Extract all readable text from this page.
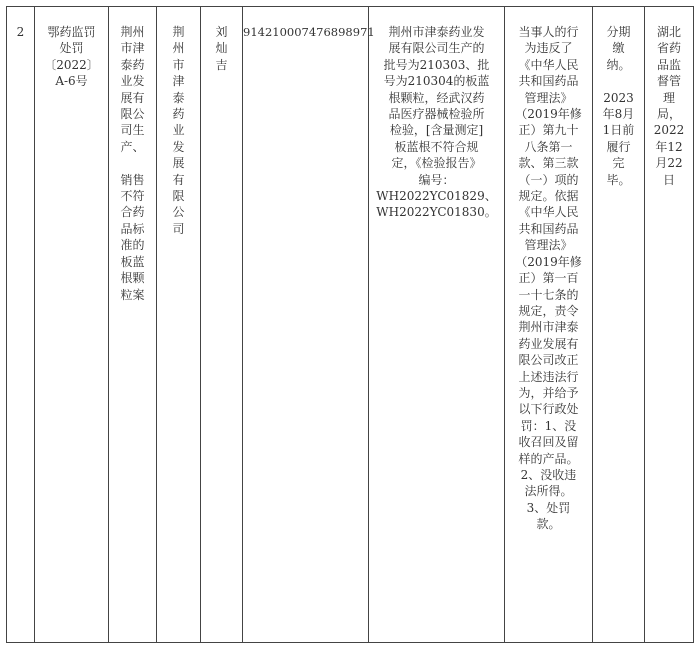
2	鄂药监罚
处罚
〔2022〕
A-6号
荆州
市津
泰药
业发
展有
限公
司生
产、

销售
不符
合药
品标
准的
板蓝
根颗
粒案
荆
州
市
津
泰
药
业
发
展
有
限
公
司
刘
灿
吉
914210007476898971	荆州市津泰药业发
展有限公司生产的
批号为210303、批
号为210304的板蓝
根颗粒，经武汉药
品医疗器械检验所
检验，[含量测定]
板蓝根不符合规
定，《检验报告》
编号：
WH2022YC01829、
WH2022YC01830。
当事人的行
为违反了
《中华人民
共和国药品
管理法》
（2019年修
正）第九十
八条第一
款、第三款
（一）项的
规定。依据
《中华人民
共和国药品
管理法》
（2019年修
正）第一百
一十七条的
规定，责令
荆州市津泰
药业发展有
限公司改正
上述违法行
为，并给予
以下行政处
罚：1、没
收召回及留
样的产品。
2、没收违
法所得。
3、处罚
款。
分期
缴
纳。

2023
年8月
1日前
履行
完
毕。
湖北
省药
品监
督管
理
局，
2022
年12
月22
日
